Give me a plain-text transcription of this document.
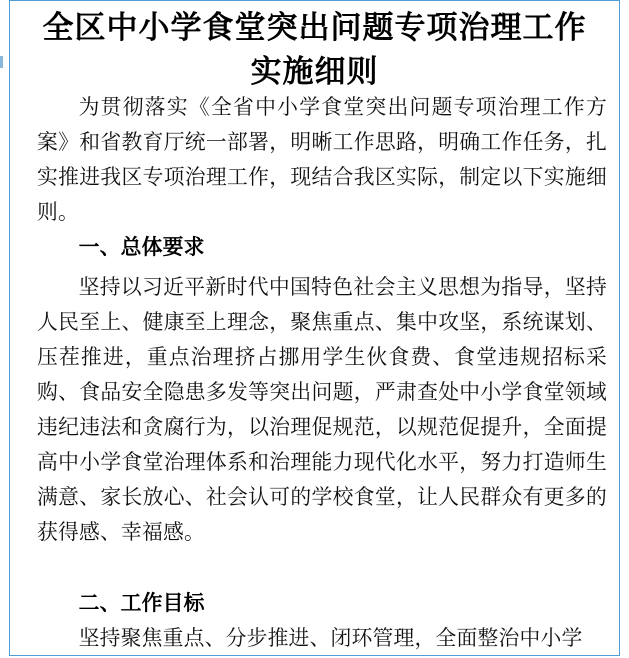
全区中小学食堂突出问题专项治理工作
实施细则

为贯彻落实《全省中小学食堂突出问题专项治理工作方案》和省教育厅统一部署，明晰工作思路，明确工作任务，扎实推进我区专项治理工作，现结合我区实际，制定以下实施细则。

一、总体要求

坚持以习近平新时代中国特色社会主义思想为指导，坚持人民至上、健康至上理念，聚焦重点、集中攻坚，系统谋划、压茬推进，重点治理挤占挪用学生伙食费、食堂违规招标采购、食品安全隐患多发等突出问题，严肃查处中小学食堂领域违纪违法和贪腐行为，以治理促规范，以规范促提升，全面提高中小学食堂治理体系和治理能力现代化水平，努力打造师生满意、家长放心、社会认可的学校食堂，让人民群众有更多的获得感、幸福感。

二、工作目标

坚持聚焦重点、分步推进、闭环管理，全面整治中小学
